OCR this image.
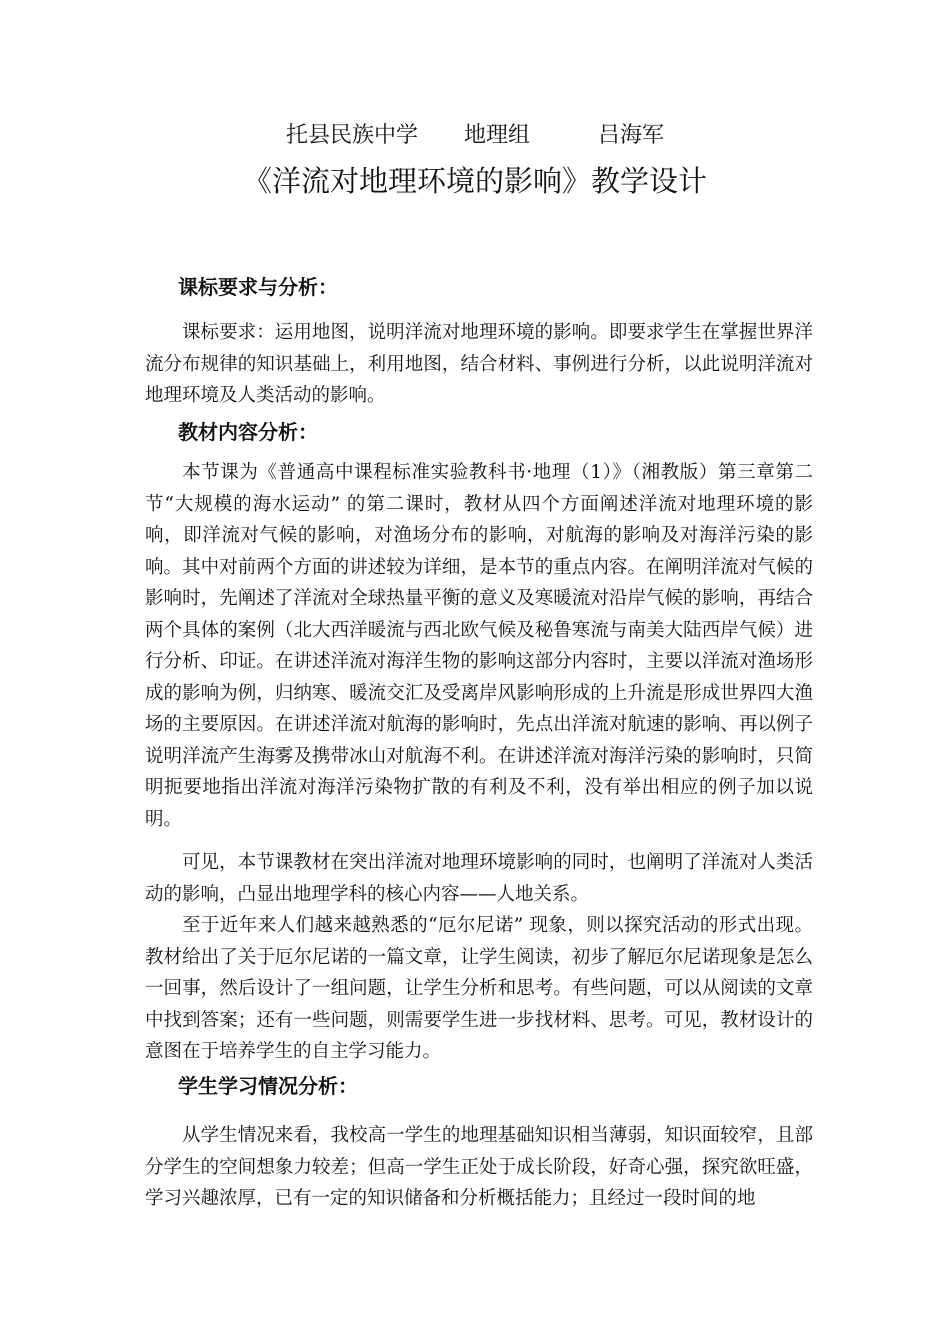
托县民族中学 地理组	吕海军
《洋流对地理环境的影响》教学设计
课标要求与分析：

课标要求：运用地图，说明洋流对地理环境的影响。即要求学生在掌握世界洋流分布规律的知识基础上，利用地图，结合材料、事例进行分析，以此说明洋流对地理环境及人类活动的影响。

教材内容分析：

本节课为《普通高中课程标准实验教科书·地理（1）》（湘教版）第三章第二节“大规模的海水运动” 的第二课时，教材从四个方面阐述洋流对地理环境的影响，即洋流对气候的影响，对渔场分布的影响，对航海的影响及对海洋污染的影响。其中对前两个方面的讲述较为详细，是本节的重点内容。在阐明洋流对气候的影响时，先阐述了洋流对全球热量平衡的意义及寒暖流对沿岸气候的影响，再结合两个具体的案例（北大西洋暖流与西北欧气候及秘鲁寒流与南美大陆西岸气候）进行分析、印证。在讲述洋流对海洋生物的影响这部分内容时，主要以洋流对渔场形成的影响为例，归纳寒、暖流交汇及受离岸风影响形成的上升流是形成世界四大渔场的主要原因。在讲述洋流对航海的影响时，先点出洋流对航速的影响、再以例子说明洋流产生海雾及携带冰山对航海不利。在讲述洋流对海洋污染的影响时，只简明扼要地指出洋流对海洋污染物扩散的有利及不利，没有举出相应的例子加以说明。

可见，本节课教材在突出洋流对地理环境影响的同时，也阐明了洋流对人类活动的影响，凸显出地理学科的核心内容——人地关系。

至于近年来人们越来越熟悉的“厄尔尼诺” 现象，则以探究活动的形式出现。教材给出了关于厄尔尼诺的一篇文章，让学生阅读，初步了解厄尔尼诺现象是怎么一回事，然后设计了一组问题，让学生分析和思考。有些问题，可以从阅读的文章中找到答案；还有一些问题，则需要学生进一步找材料、思考。可见，教材设计的意图在于培养学生的自主学习能力。

学生学习情况分析：

从学生情况来看，我校高一学生的地理基础知识相当薄弱，知识面较窄，且部分学生的空间想象力较差；但高一学生正处于成长阶段，好奇心强，探究欲旺盛，学习兴趣浓厚，已有一定的知识储备和分析概括能力；且经过一段时间的地
